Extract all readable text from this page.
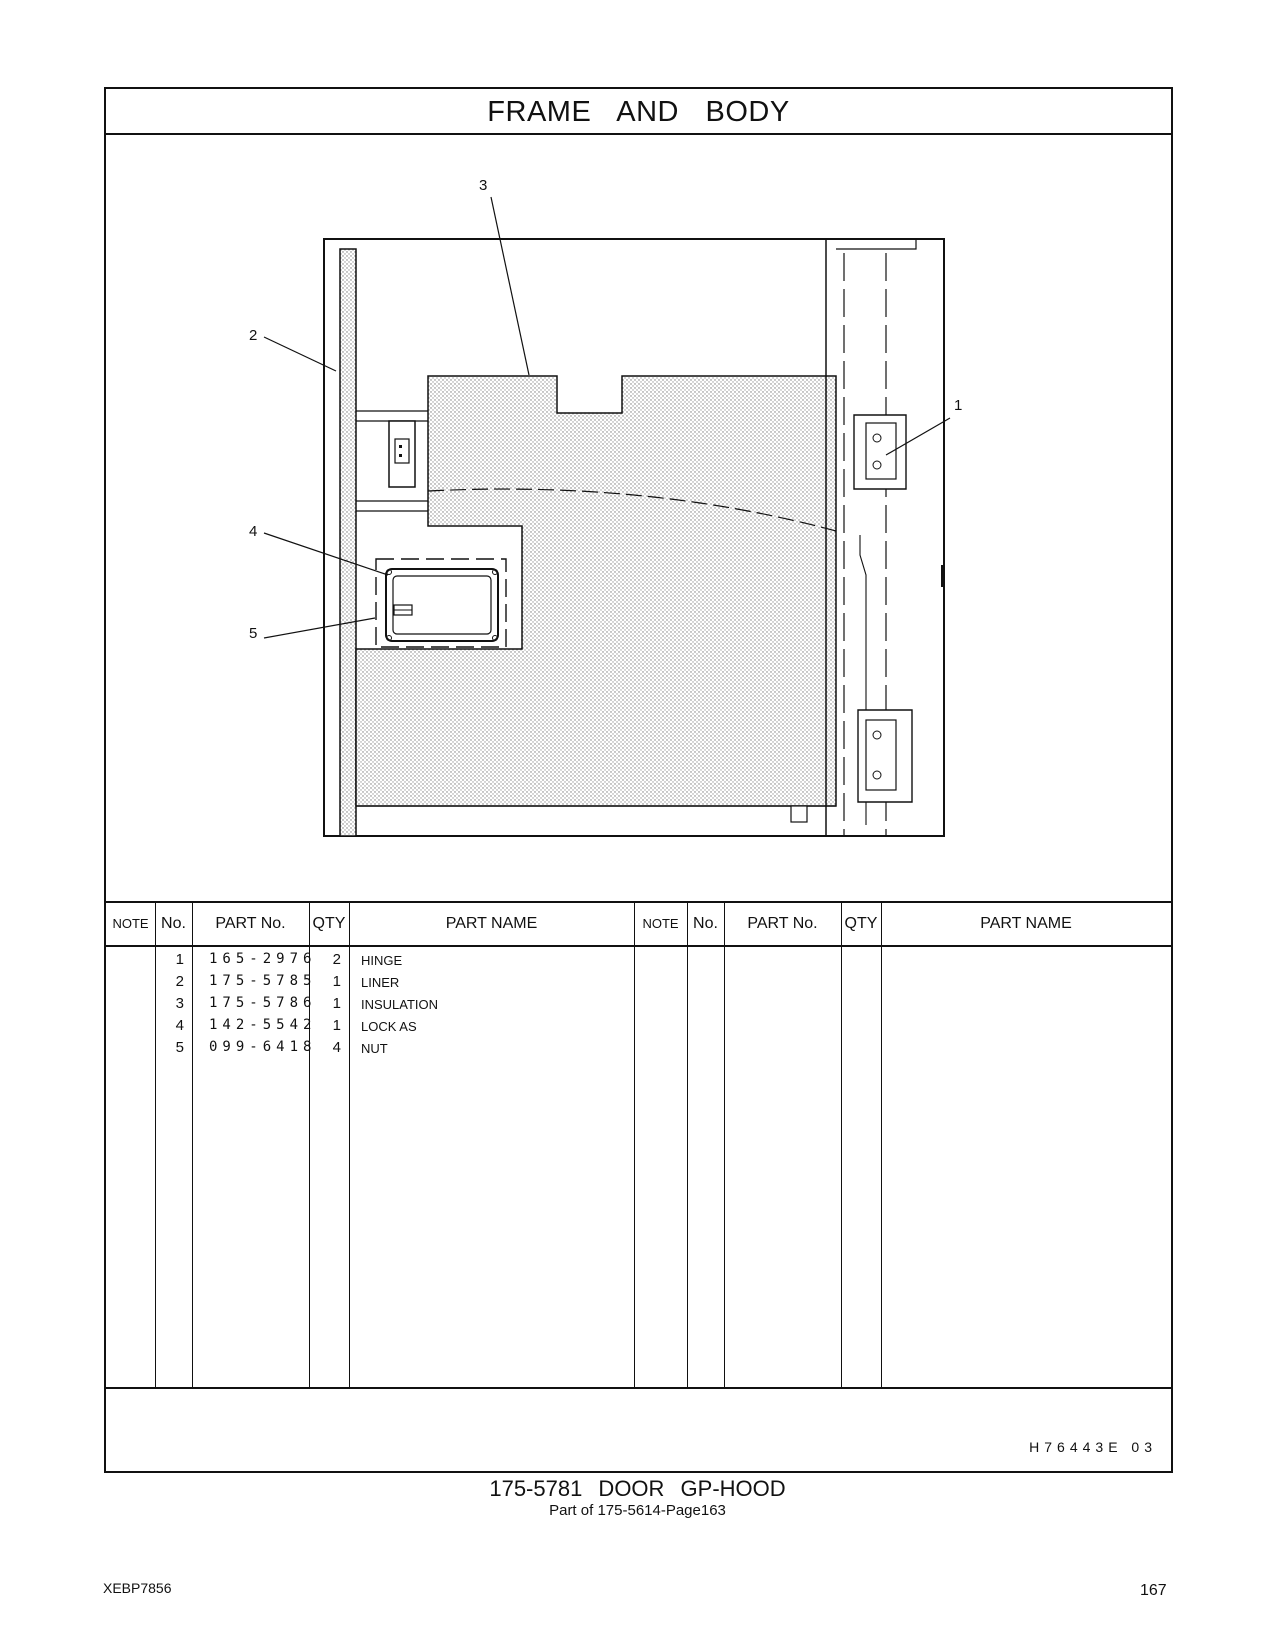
FRAME AND BODY
3
2
1
4
5
NOTE No.	PART No.	QTY	PART NAME	NOTE No.	PART No.	QTY	PART NAME
1 165-2976	2 HINGE
2 175-5785	1 LINER
3 175-5786	1 INSULATION
4 142-5542	1 LOCK AS
5 099-6418	4 NUT
H76443E 03
175-5781 DOOR GP-HOOD
Part of 175-5614-Page163
XEBP7856	167
